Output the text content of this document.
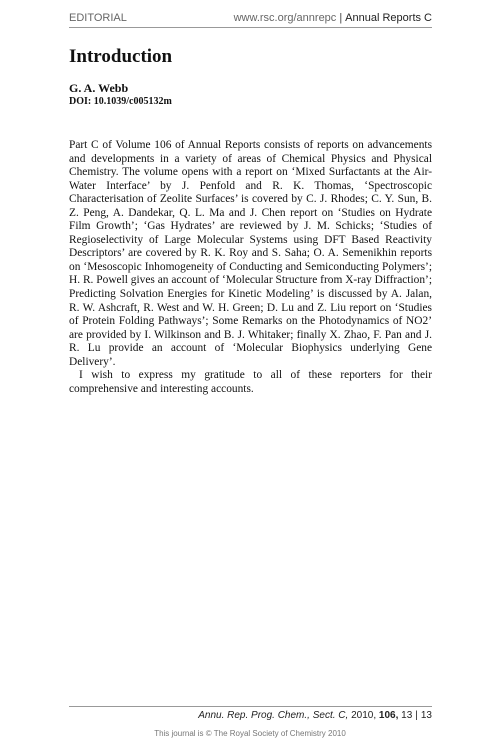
EDITORIAL	www.rsc.org/annrepc | Annual Reports C
Introduction
G. A. Webb
DOI: 10.1039/c005132m

Part C of Volume 106 of Annual Reports consists of reports on advancements and developments in a variety of areas of Chemical Physics and Physical Chemistry. The volume opens with a report on ‘Mixed Surfactants at the Air-Water Interface’ by J. Penfold and R. K. Thomas, ‘Spectroscopic Characterisation of Zeolite Surfaces’ is covered by C. J. Rhodes; C. Y. Sun, B. Z. Peng, A. Dandekar, Q. L. Ma and J. Chen report on ‘Studies on Hydrate Film Growth’; ‘Gas Hydrates’ are reviewed by J. M. Schicks; ‘Studies of Regioselectivity of Large Molecular Systems using DFT Based Reactivity Descriptors’ are covered by R. K. Roy and S. Saha; O. A. Semenikhin reports on ‘Mesoscopic Inhomogeneity of Conducting and Semiconducting Polymers’; H. R. Powell gives an account of ‘Molecular Structure from X-ray Diffraction’; Predicting Solvation Energies for Kinetic Modeling’ is discussed by A. Jalan, R. W. Ashcraft, R. West and W. H. Green; D. Lu and Z. Liu report on ‘Studies of Protein Folding Pathways’; Some Remarks on the Photodynamics of NO2’ are provided by I. Wilkinson and B. J. Whitaker; finally X. Zhao, F. Pan and J. R. Lu provide an account of ‘Molecular Biophysics underlying Gene Delivery’.

I wish to express my gratitude to all of these reporters for their comprehensive and interesting accounts.

Annu. Rep. Prog. Chem., Sect. C, 2010, 106, 13 | 13
This journal is © The Royal Society of Chemistry 2010
